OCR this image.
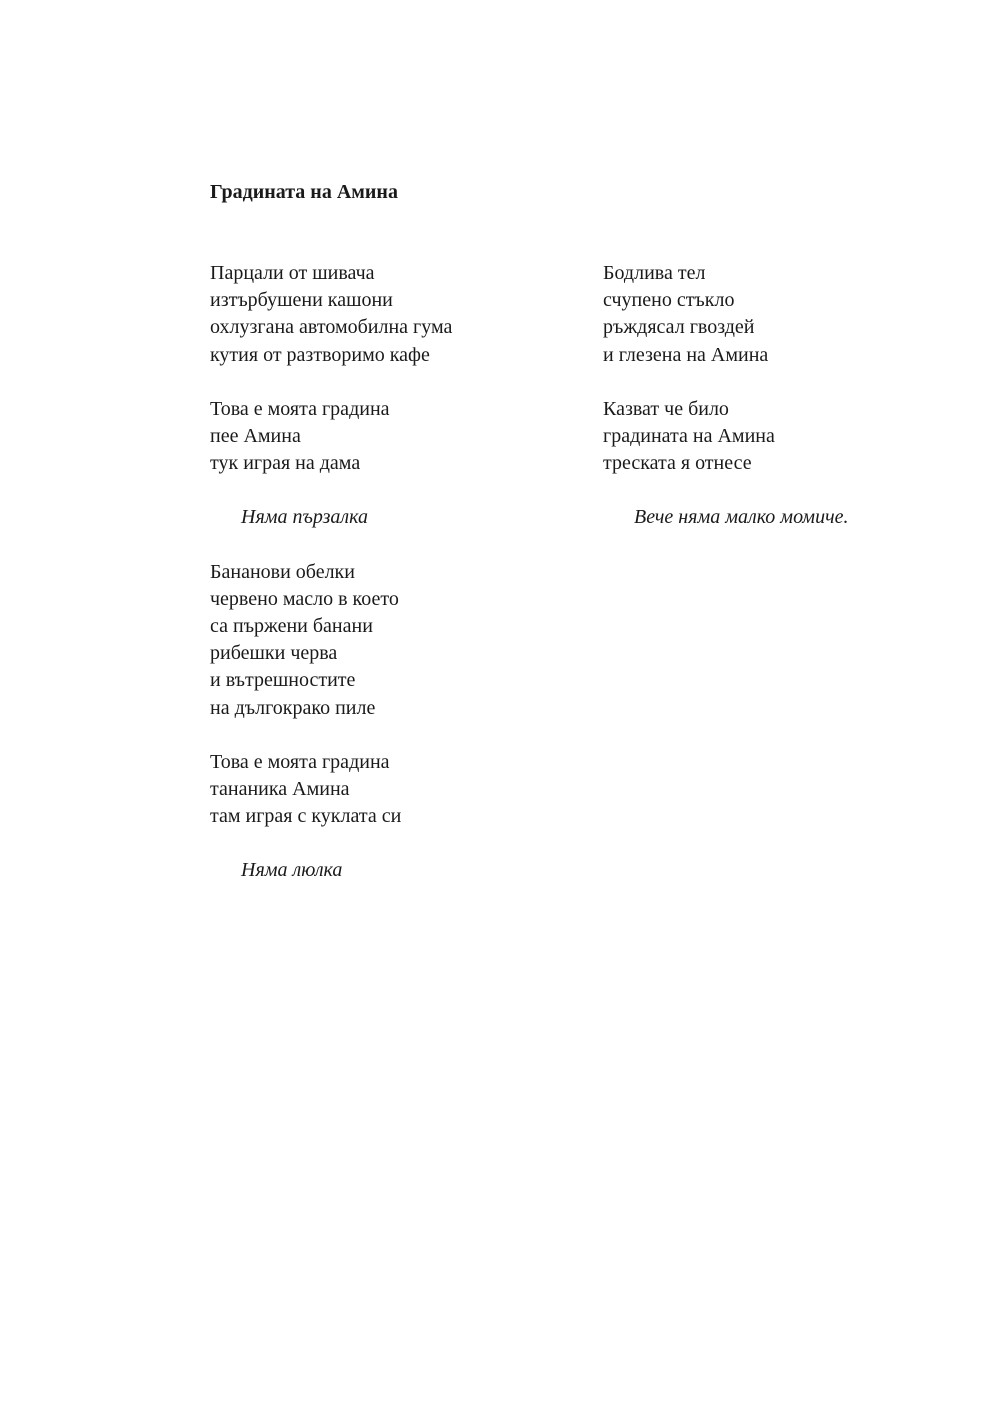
Градината на Амина
Парцали от шивача
изтърбушени кашони
охлузгана автомобилна гума
кутия от разтворимо кафе
Това е моята градина
пее Амина
тук играя на дама
Няма пързалка
Бананови обелки
червено масло в което
са пържени банани
рибешки черва
и вътрешностите
на дългокрако пиле
Това е моята градина
тананика Амина
там играя с куклата си
Няма люлка
Бодлива тел
счупено стъкло
ръждясал гвоздей
и глезена на Амина
Казват че било
градината на Амина
треската я отнесе
Вече няма малко момиче.
